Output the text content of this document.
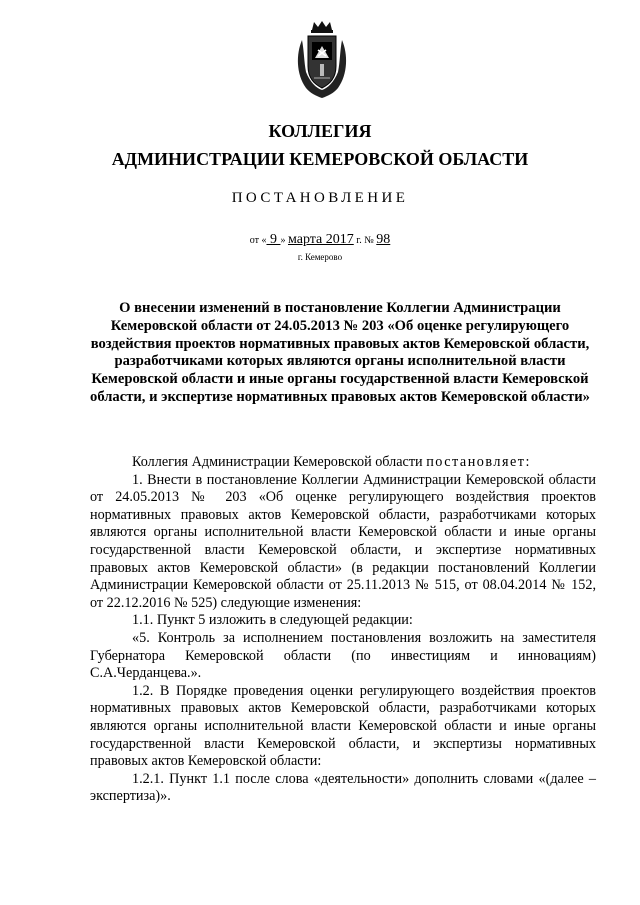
КОЛЛЕГИЯ
АДМИНИСТРАЦИИ КЕМЕРОВСКОЙ ОБЛАСТИ
ПОСТАНОВЛЕНИЕ
от « 9 » марта 2017 г. № 98
г. Кемерово
О внесении изменений в постановление Коллегии Администрации Кемеровской области от 24.05.2013 № 203 «Об оценке регулирующего воздействия проектов нормативных правовых актов Кемеровской области, разработчиками которых являются органы исполнительной власти Кемеровской области и иные органы государственной власти Кемеровской области, и экспертизе нормативных правовых актов Кемеровской области»

Коллегия Администрации Кемеровской области постановляет:

1. Внести в постановление Коллегии Администрации Кемеровской области от 24.05.2013 № 203 «Об оценке регулирующего воздействия проектов нормативных правовых актов Кемеровской области, разработчиками которых являются органы исполнительной власти Кемеровской области и иные органы государственной власти Кемеровской области, и экспертизе нормативных правовых актов Кемеровской области» (в редакции постановлений Коллегии Администрации Кемеровской области от 25.11.2013 № 515, от 08.04.2014 № 152, от 22.12.2016 № 525) следующие изменения:

1.1. Пункт 5 изложить в следующей редакции:

«5. Контроль за исполнением постановления возложить на заместителя Губернатора Кемеровской области (по инвестициям и инновациям) С.А.Черданцева.».

1.2. В Порядке проведения оценки регулирующего воздействия проектов нормативных правовых актов Кемеровской области, разработчиками которых являются органы исполнительной власти Кемеровской области и иные органы государственной власти Кемеровской области, и экспертизы нормативных правовых актов Кемеровской области:

1.2.1. Пункт 1.1 после слова «деятельности» дополнить словами «(далее – экспертиза)».
